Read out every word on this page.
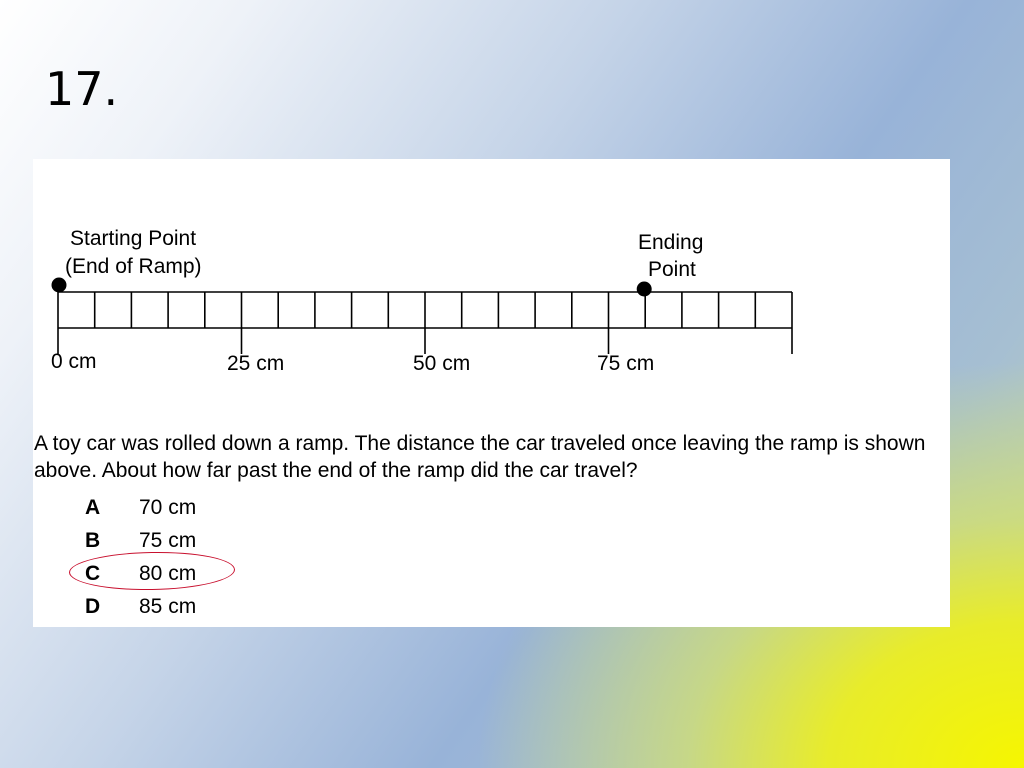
17.
Starting Point
(End of Ramp)
Ending
Point
0 cm	25 cm	50 cm	75 cm

A toy car was rolled down a ramp. The distance the car traveled once leaving the ramp is shown above. About how far past the end of the ramp did the car travel?

A 70 cm
B 75 cm
C 80 cm
D 85 cm
